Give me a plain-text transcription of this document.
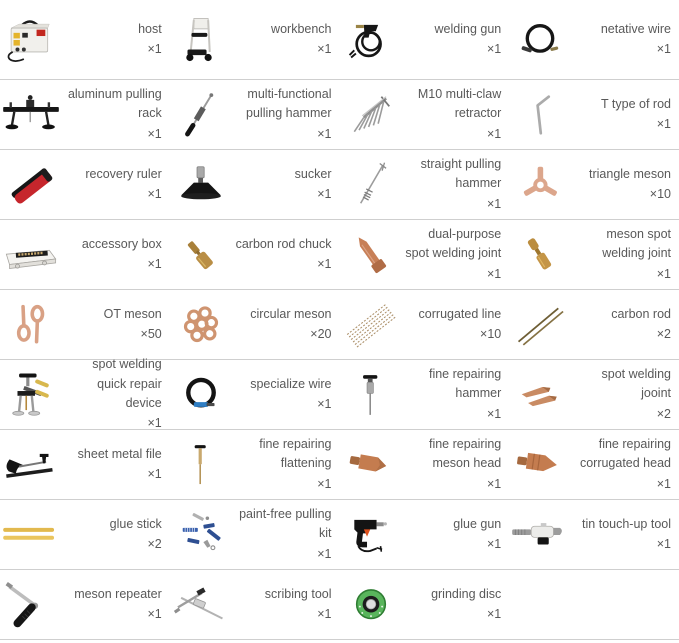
host
×1
workbench
×1
welding gun
×1
netative wire
×1
aluminum pulling rack
×1
multi-functional pulling hammer
×1
M10 multi-claw retractor
×1
T type of rod
×1
recovery ruler
×1
sucker
×1
straight pulling hammer
×1
triangle meson
×10
accessory box
×1
carbon rod chuck
×1
dual-purpose spot welding joint
×1
meson spot welding joint
×1
OT meson
×50
circular meson
×20
corrugated line
×10
carbon rod
×2
spot welding quick repair device
×1
specialize wire
×1
fine repairing hammer
×1
spot welding jooint
×2
sheet metal file
×1
fine repairing flattening
×1
fine repairing meson head
×1
fine repairing corrugated head
×1
glue stick
×2
paint-free pulling kit
×1
glue gun
×1
tin touch-up tool
×1
meson repeater
×1
scribing tool
×1
grinding disc
×1
